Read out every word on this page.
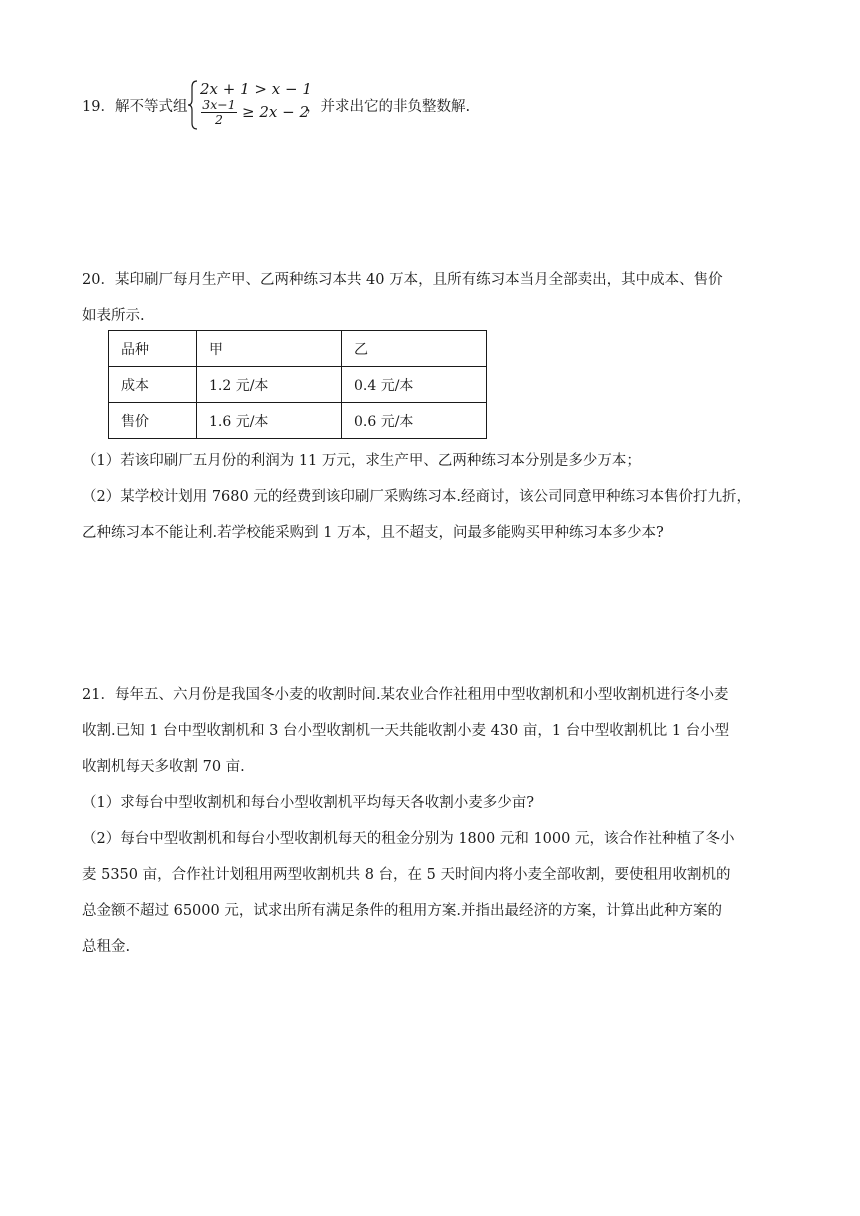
19．解不等式组
2x + 1 > x − 1
3x−1
2	≥ 2x − 2
，并求出它的非负整数解.

20．某印刷厂每月生产甲、乙两种练习本共 40 万本，且所有练习本当月全部卖出，其中成本、售价

如表所示.

品种	甲	乙
成本	1.2 元/本	0.4 元/本
售价	1.6 元/本	0.6 元/本

（1）若该印刷厂五月份的利润为 11 万元，求生产甲、乙两种练习本分别是多少万本；

（2）某学校计划用 7680 元的经费到该印刷厂采购练习本.经商讨，该公司同意甲种练习本售价打九折，

乙种练习本不能让利.若学校能采购到 1 万本，且不超支，问最多能购买甲种练习本多少本?

21．每年五、六月份是我国冬小麦的收割时间.某农业合作社租用中型收割机和小型收割机进行冬小麦

收割.已知 1 台中型收割机和 3 台小型收割机一天共能收割小麦 430 亩，1 台中型收割机比 1 台小型

收割机每天多收割 70 亩.

（1）求每台中型收割机和每台小型收割机平均每天各收割小麦多少亩?

（2）每台中型收割机和每台小型收割机每天的租金分别为 1800 元和 1000 元，该合作社种植了冬小

麦 5350 亩，合作社计划租用两型收割机共 8 台，在 5 天时间内将小麦全部收割，要使租用收割机的

总金额不超过 65000 元，试求出所有满足条件的租用方案.并指出最经济的方案，计算出此种方案的

总租金.
